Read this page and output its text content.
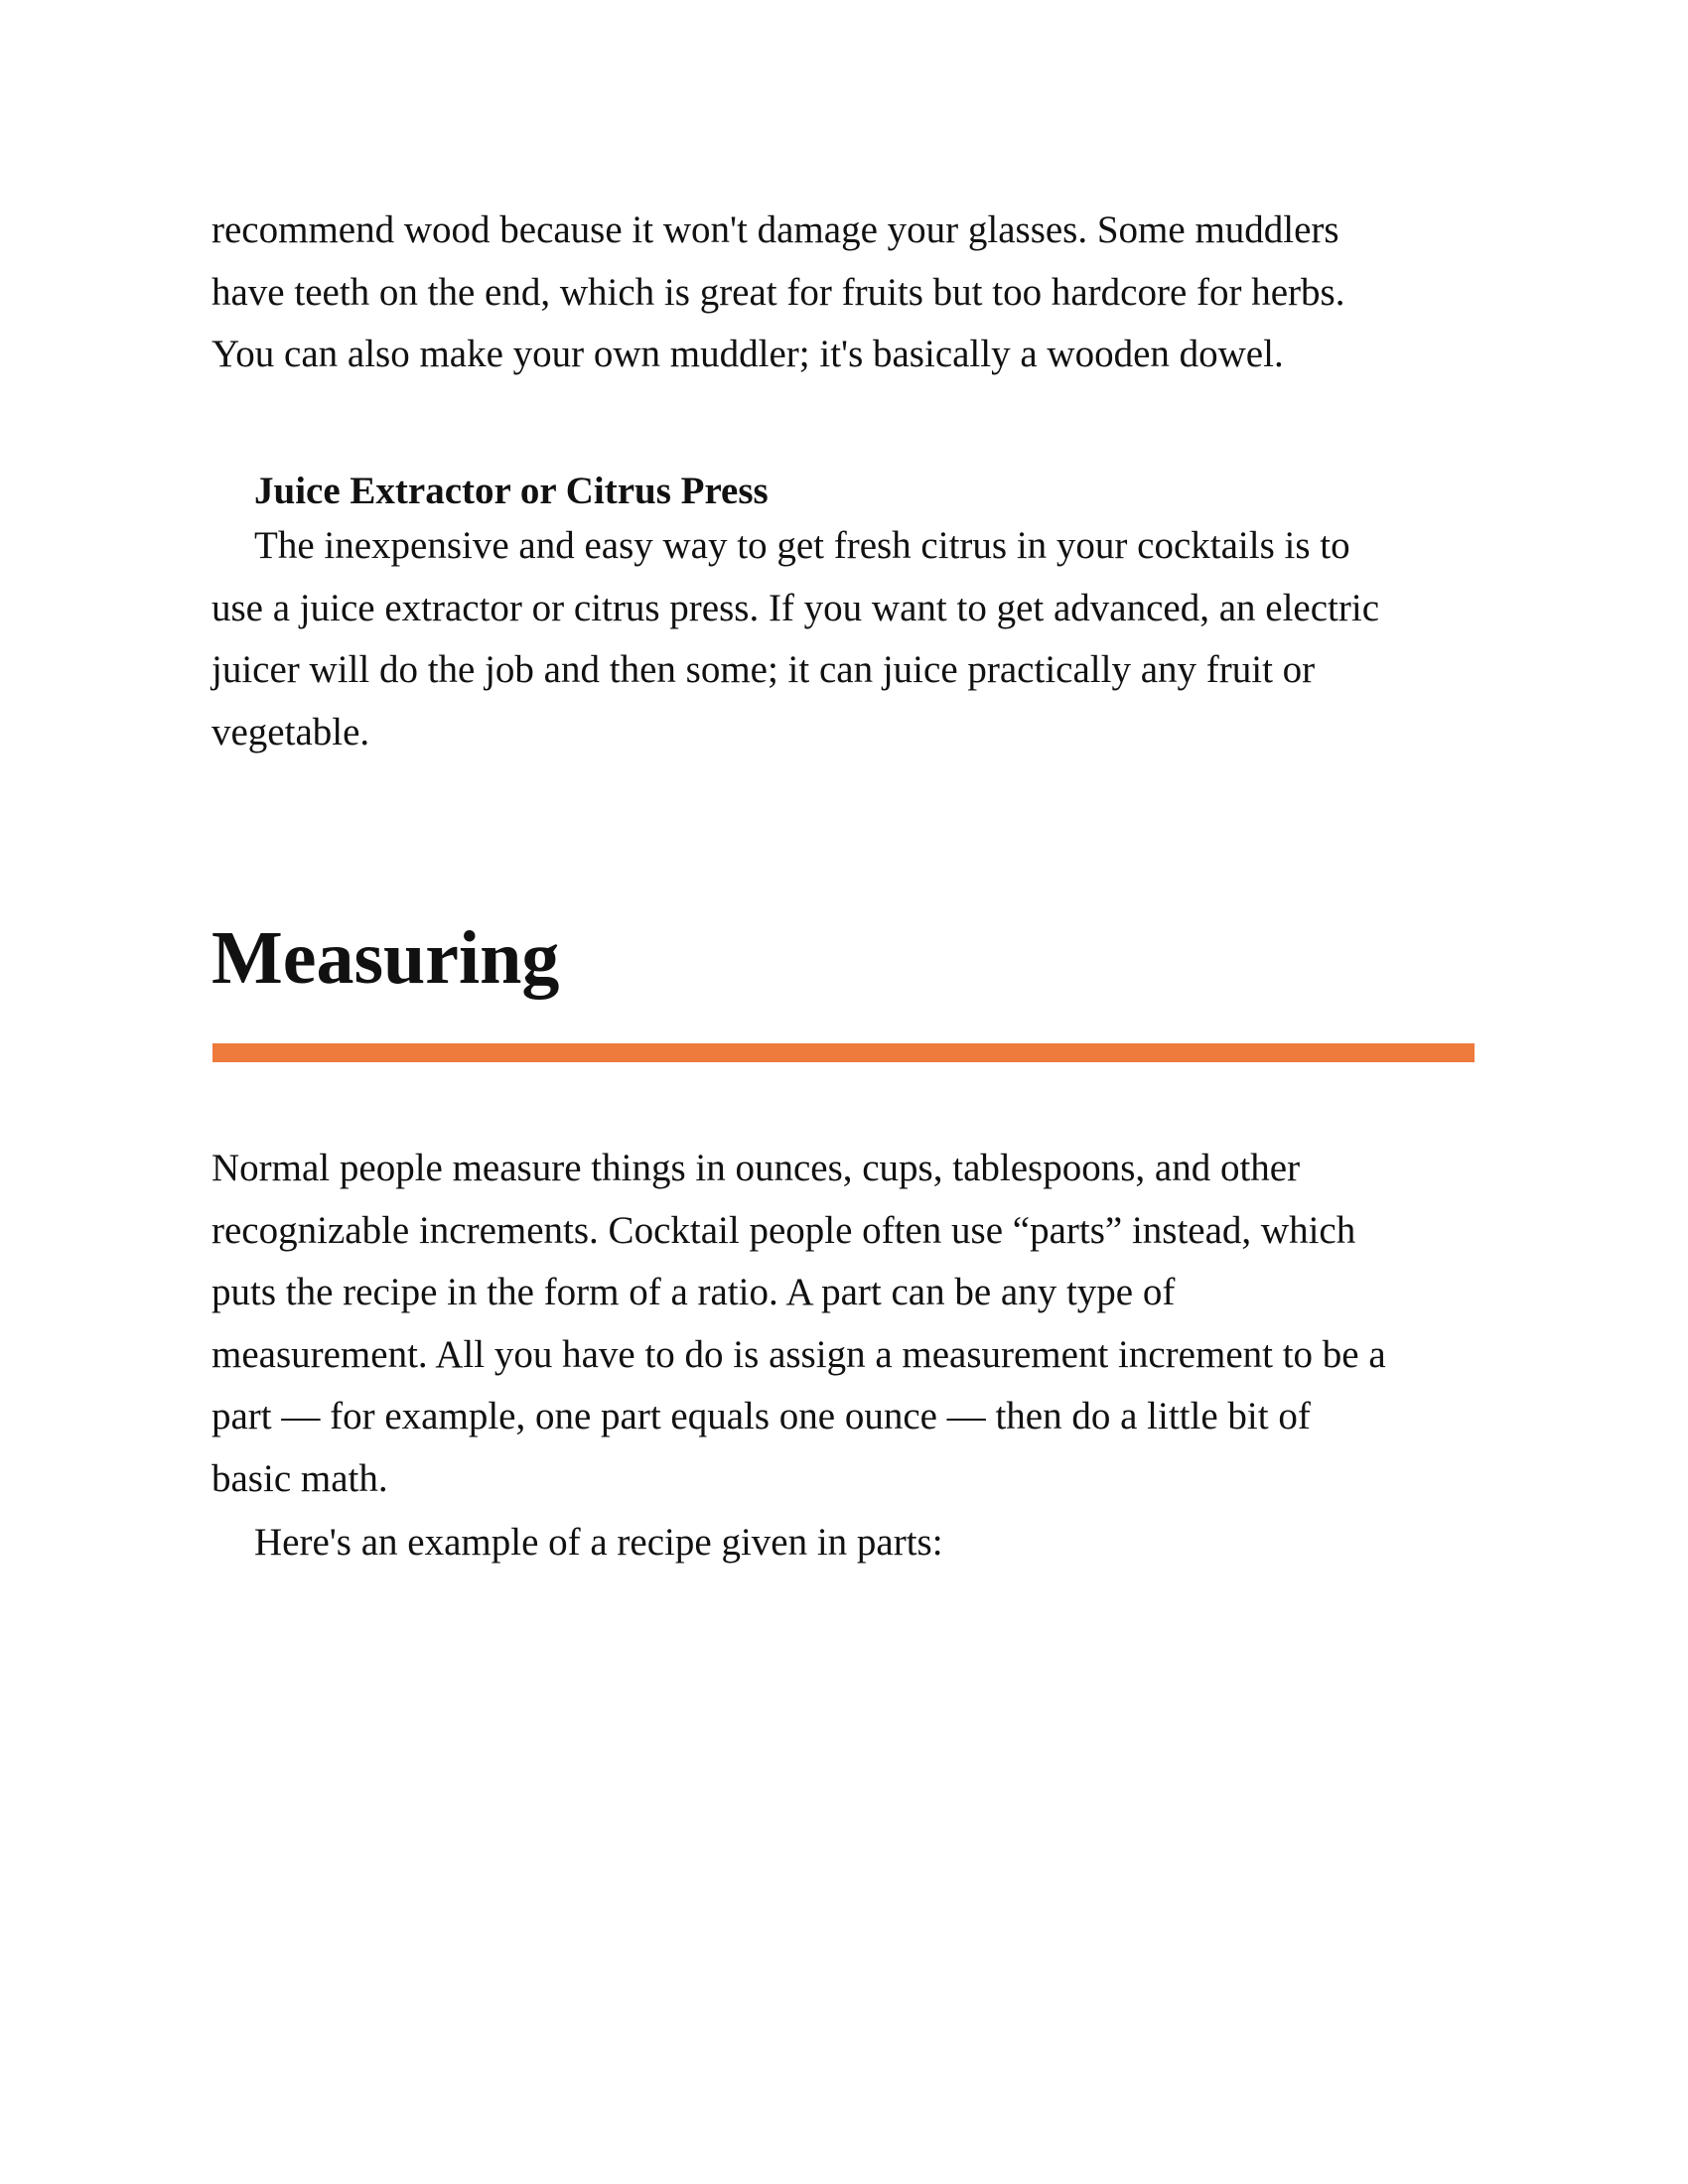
recommend wood because it won't damage your glasses. Some muddlers
have teeth on the end, which is great for fruits but too hardcore for herbs.
You can also make your own muddler; it's basically a wooden dowel.

Juice Extractor or Citrus Press

The inexpensive and easy way to get fresh citrus in your cocktails is to
use a juice extractor or citrus press. If you want to get advanced, an electric
juicer will do the job and then some; it can juice practically any fruit or
vegetable.

Measuring

Normal people measure things in ounces, cups, tablespoons, and other
recognizable increments. Cocktail people often use “parts” instead, which
puts the recipe in the form of a ratio. A part can be any type of
measurement. All you have to do is assign a measurement increment to be a
part — for example, one part equals one ounce — then do a little bit of
basic math.

Here's an example of a recipe given in parts:
